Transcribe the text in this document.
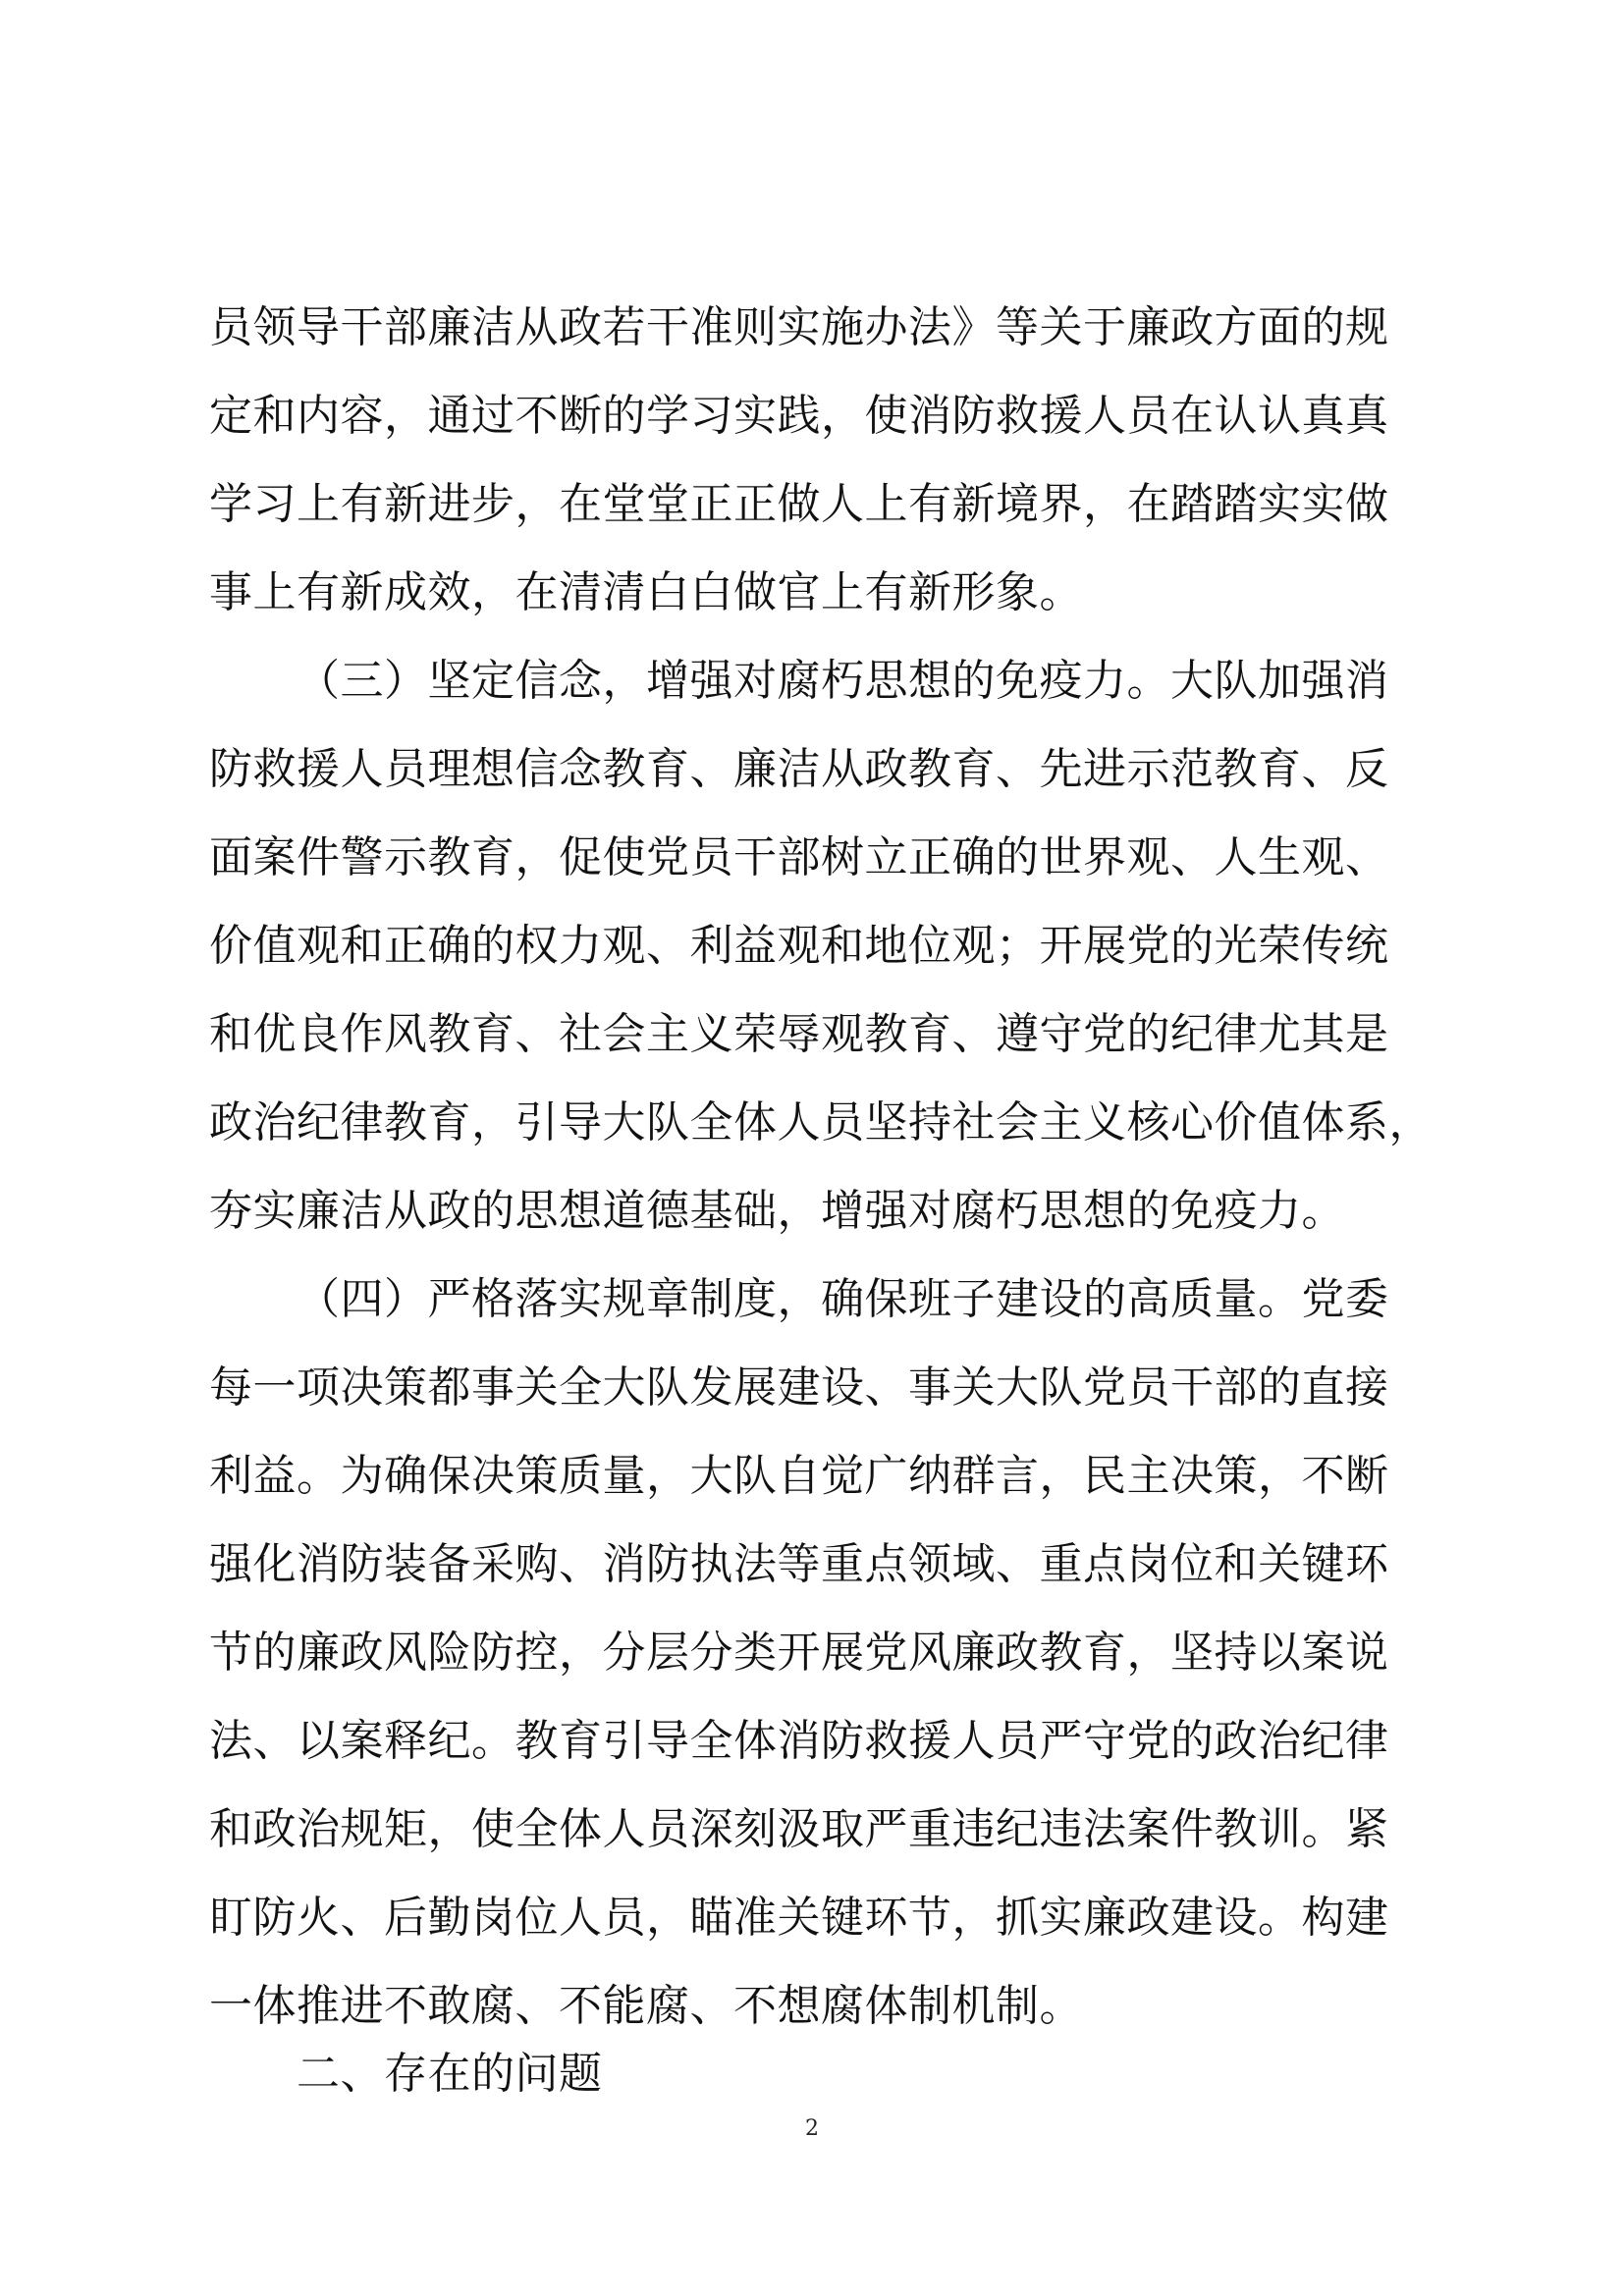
员领导干部廉洁从政若干准则实施办法》等关于廉政方面的规
定和内容，通过不断的学习实践，使消防救援人员在认认真真
学习上有新进步，在堂堂正正做人上有新境界，在踏踏实实做
事上有新成效，在清清白白做官上有新形象。
（三）坚定信念，增强对腐朽思想的免疫力。大队加强消
防救援人员理想信念教育、廉洁从政教育、先进示范教育、反
面案件警示教育，促使党员干部树立正确的世界观、人生观、
价值观和正确的权力观、利益观和地位观；开展党的光荣传统
和优良作风教育、社会主义荣辱观教育、遵守党的纪律尤其是
政治纪律教育，引导大队全体人员坚持社会主义核心价值体系，
夯实廉洁从政的思想道德基础，增强对腐朽思想的免疫力。
（四）严格落实规章制度，确保班子建设的高质量。党委
每一项决策都事关全大队发展建设、事关大队党员干部的直接
利益。为确保决策质量，大队自觉广纳群言，民主决策，不断
强化消防装备采购、消防执法等重点领域、重点岗位和关键环
节的廉政风险防控，分层分类开展党风廉政教育，坚持以案说
法、以案释纪。教育引导全体消防救援人员严守党的政治纪律
和政治规矩，使全体人员深刻汲取严重违纪违法案件教训。紧
盯防火、后勤岗位人员，瞄准关键环节，抓实廉政建设。构建
一体推进不敢腐、不能腐、不想腐体制机制。
二、存在的问题
2
